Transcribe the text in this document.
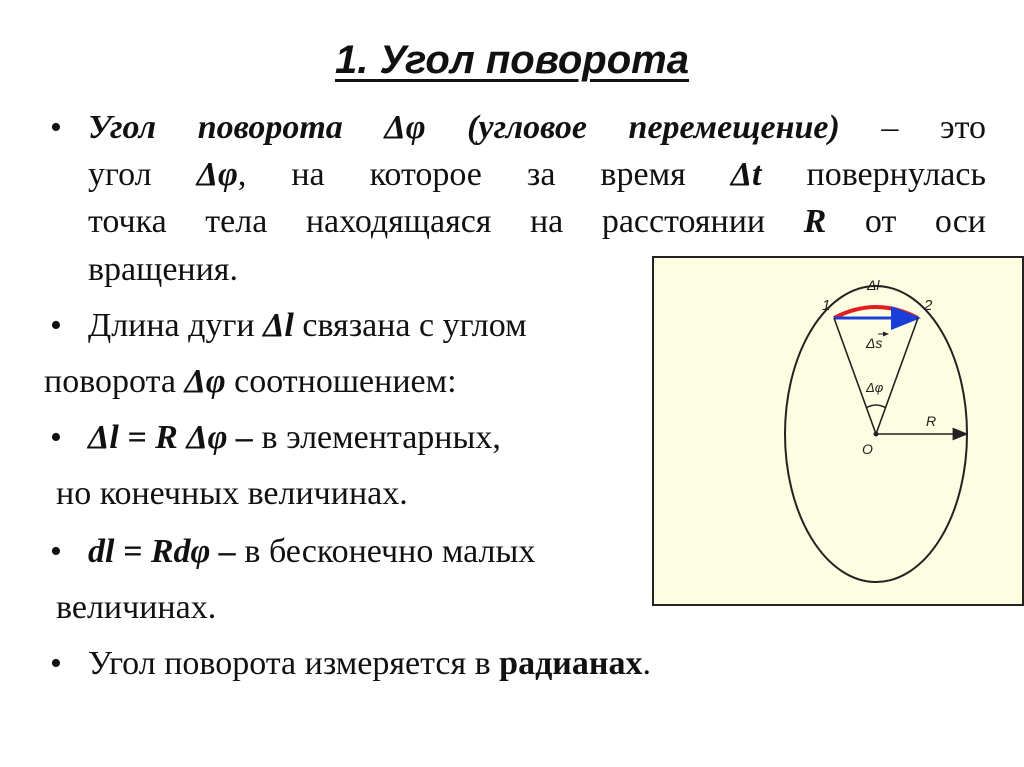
1. Угол поворота
• Угол поворота Δφ (угловое перемещение) – это
угол Δφ, на которое за время Δt повернулась
точка тела находящаяся на расстоянии R от оси
вращения.
• Длина дуги Δl связана с углом
поворота Δφ соотношением:
• Δl = R Δφ – в элементарных,
но конечных величинах.
• dl = Rdφ – в бесконечно малых
величинах.
• Угол поворота измеряется в радианах.
1	2
Δl
Δs
Δφ
R
O
